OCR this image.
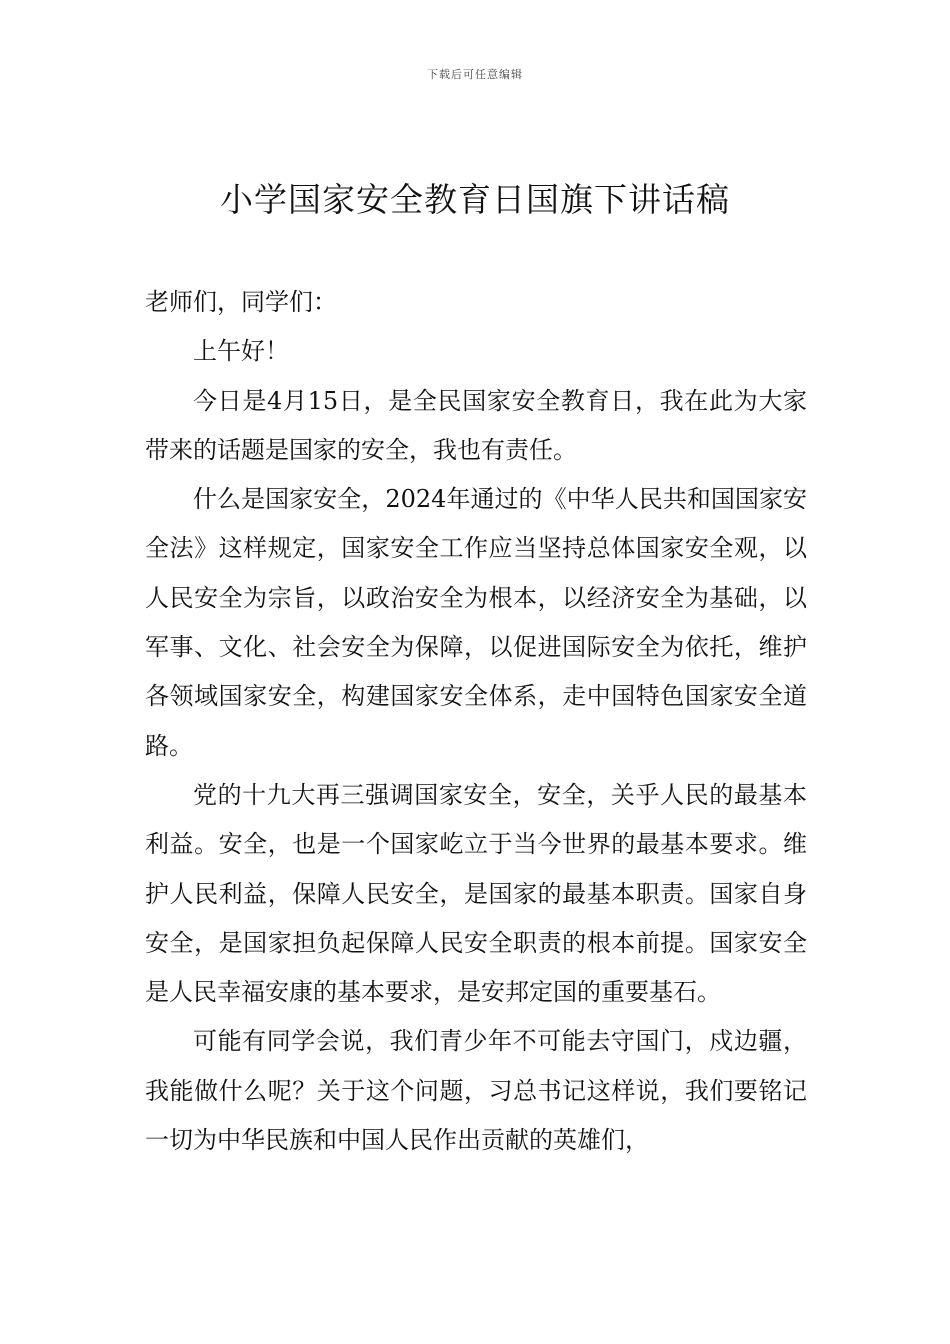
下载后可任意编辑
小学国家安全教育日国旗下讲话稿

老师们，同学们：

上午好！

今日是4月15日，是全民国家安全教育日，我在此为大家带来的话题是国家的安全，我也有责任。

什么是国家安全，2024年通过的《中华人民共和国国家安全法》这样规定，国家安全工作应当坚持总体国家安全观，以人民安全为宗旨，以政治安全为根本，以经济安全为基础，以军事、文化、社会安全为保障，以促进国际安全为依托，维护各领域国家安全，构建国家安全体系，走中国特色国家安全道路。

党的十九大再三强调国家安全，安全，关乎人民的最基本利益。安全，也是一个国家屹立于当今世界的最基本要求。维护人民利益，保障人民安全，是国家的最基本职责。国家自身安全，是国家担负起保障人民安全职责的根本前提。国家安全是人民幸福安康的基本要求，是安邦定国的重要基石。

可能有同学会说，我们青少年不可能去守国门，戍边疆，我能做什么呢？关于这个问题，习总书记这样说，我们要铭记一切为中华民族和中国人民作出贡献的英雄们，
